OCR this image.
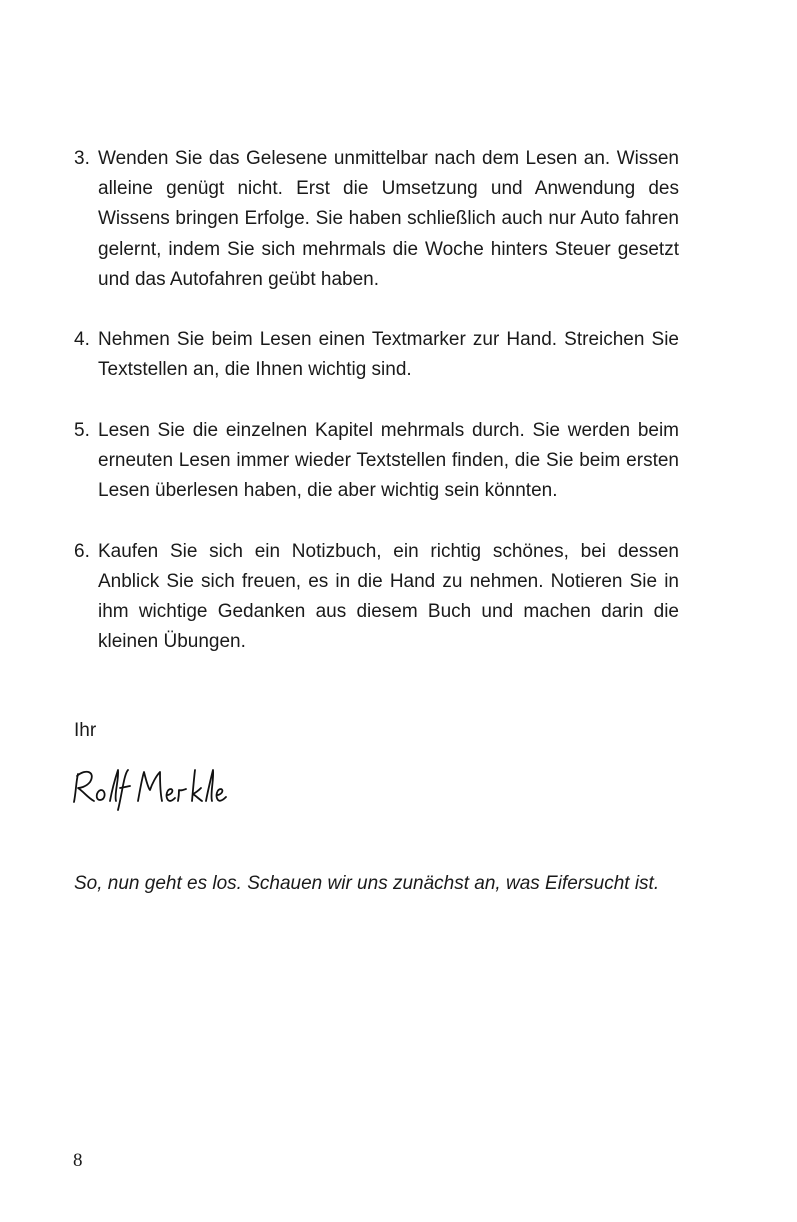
3. Wenden Sie das Gelesene unmittelbar nach dem Lesen an. Wissen alleine genügt nicht. Erst die Umsetzung und Anwendung des Wissens bringen Erfolge. Sie haben schließlich auch nur Auto fahren gelernt, indem Sie sich mehrmals die Woche hinters Steuer gesetzt und das Autofahren geübt haben.
4. Nehmen Sie beim Lesen einen Textmarker zur Hand. Streichen Sie Textstellen an, die Ihnen wichtig sind.
5. Lesen Sie die einzelnen Kapitel mehrmals durch. Sie werden beim erneuten Lesen immer wieder Textstellen finden, die Sie beim ersten Lesen überlesen haben, die aber wichtig sein könnten.
6. Kaufen Sie sich ein Notizbuch, ein richtig schönes, bei dessen Anblick Sie sich freuen, es in die Hand zu nehmen. Notieren Sie in ihm wichtige Gedanken aus diesem Buch und machen darin die kleinen Übungen.
Ihr
So, nun geht es los. Schauen wir uns zunächst an, was Eifersucht ist.
8
